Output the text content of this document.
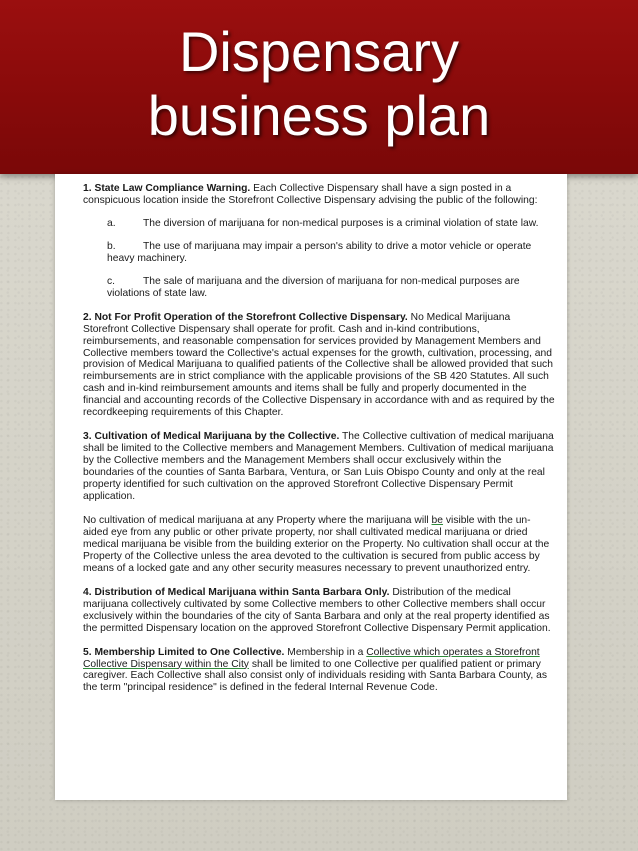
Dispensary
business plan

1. State Law Compliance Warning. Each Collective Dispensary shall have a sign posted in a conspicuous location inside the Storefront Collective Dispensary advising the public of the following:

a.	The diversion of marijuana for non-medical purposes is a criminal violation of state law.

b.	The use of marijuana may impair a person's ability to drive a motor vehicle or operate heavy machinery.

c.	The sale of marijuana and the diversion of marijuana for non-medical purposes are violations of state law.

2. Not For Profit Operation of the Storefront Collective Dispensary. No Medical Marijuana Storefront Collective Dispensary shall operate for profit. Cash and in-kind contributions, reimbursements, and reasonable compensation for services provided by Management Members and Collective members toward the Collective's actual expenses for the growth, cultivation, processing, and provision of Medical Marijuana to qualified patients of the Collective shall be allowed provided that such reimbursements are in strict compliance with the applicable provisions of the SB 420 Statutes. All such cash and in-kind reimbursement amounts and items shall be fully and properly documented in the financial and accounting records of the Collective Dispensary in accordance with and as required by the recordkeeping requirements of this Chapter.

3. Cultivation of Medical Marijuana by the Collective. The Collective cultivation of medical marijuana shall be limited to the Collective members and Management Members. Cultivation of medical marijuana by the Collective members and the Management Members shall occur exclusively within the boundaries of the counties of Santa Barbara, Ventura, or San Luis Obispo County and only at the real property identified for such cultivation on the approved Storefront Collective Dispensary Permit application.

No cultivation of medical marijuana at any Property where the marijuana will be visible with the un-aided eye from any public or other private property, nor shall cultivated medical marijuana or dried medical marijuana be visible from the building exterior on the Property. No cultivation shall occur at the Property of the Collective unless the area devoted to the cultivation is secured from public access by means of a locked gate and any other security measures necessary to prevent unauthorized entry.

4. Distribution of Medical Marijuana within Santa Barbara Only. Distribution of the medical marijuana collectively cultivated by some Collective members to other Collective members shall occur exclusively within the boundaries of the city of Santa Barbara and only at the real property identified as the permitted Dispensary location on the approved Storefront Collective Dispensary Permit application.

5. Membership Limited to One Collective. Membership in a Collective which operates a Storefront Collective Dispensary within the City shall be limited to one Collective per qualified patient or primary caregiver. Each Collective shall also consist only of individuals residing with Santa Barbara County, as the term "principal residence" is defined in the federal Internal Revenue Code.
